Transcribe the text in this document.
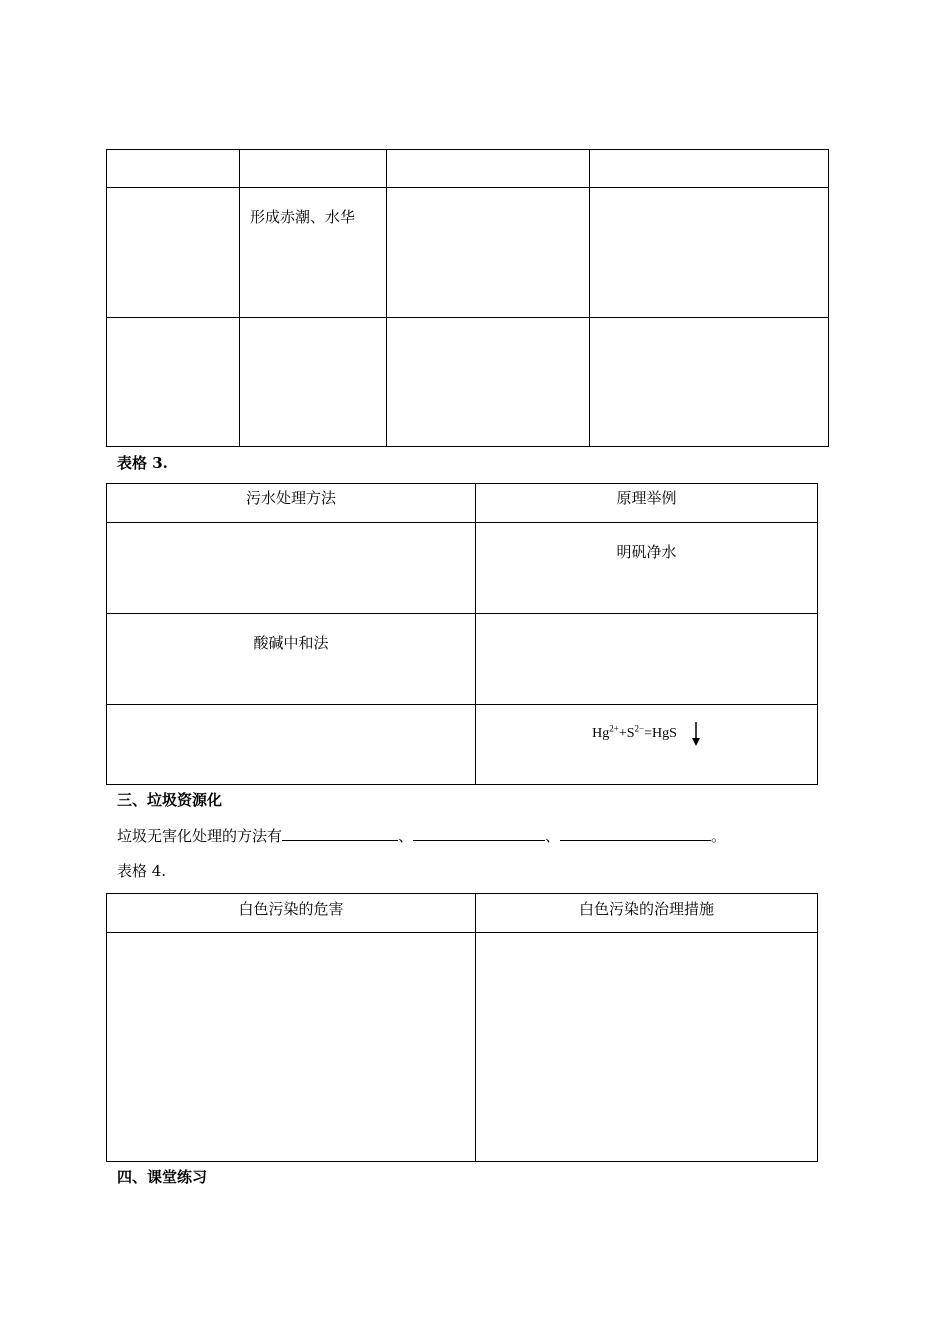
	形成赤潮、水华		

表格 3.
污水处理方法	原理举例
	明矾净水
酸碱中和法	
	$Hg^{2+}+S^{2-}=HgS$
三、垃圾资源化
垃圾无害化处理的方法有	、	、	。
表格 4.
白色污染的危害	白色污染的治理措施

四、课堂练习
